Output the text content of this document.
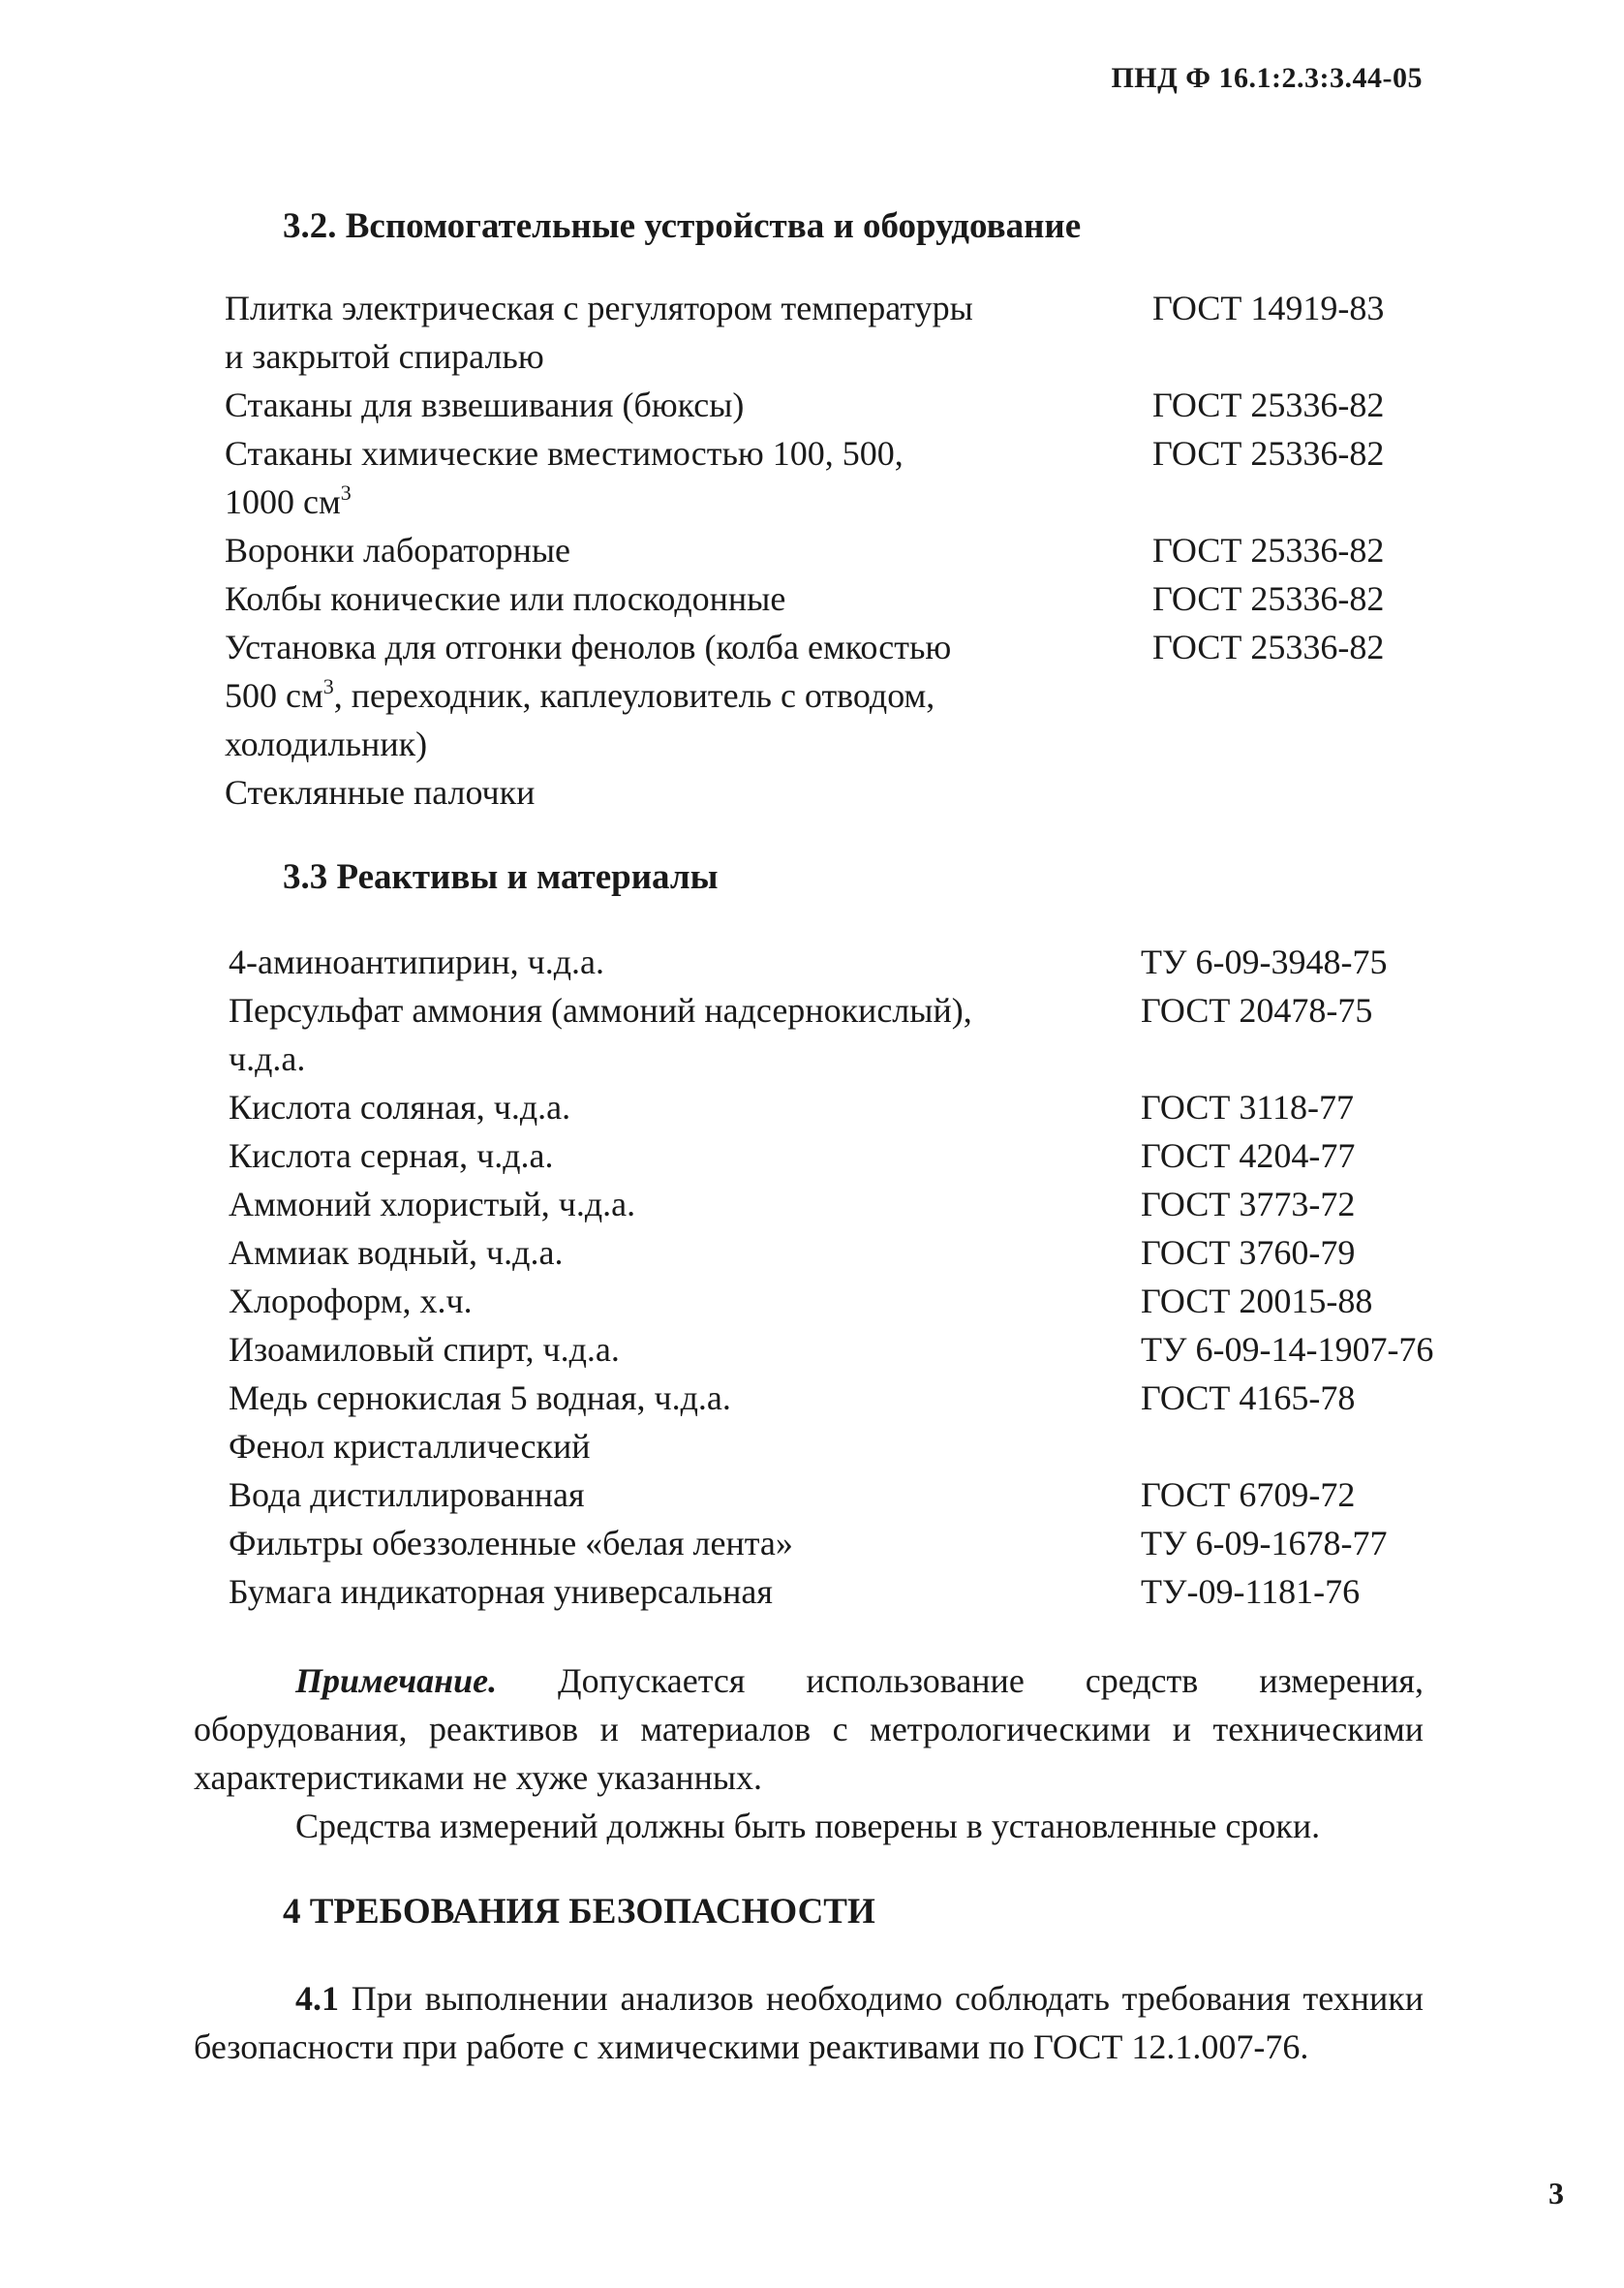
ПНД Ф 16.1:2.3:3.44-05
3.2. Вспомогательные устройства и оборудование
Плитка электрическая с регулятором температуры	ГОСТ 14919-83
и закрытой спиралью
Стаканы для взвешивания (бюксы)	ГОСТ 25336-82
Стаканы химические вместимостью 100, 500,	ГОСТ 25336-82
1000 $см^3$
Воронки лабораторные	ГОСТ 25336-82
Колбы конические или плоскодонные	ГОСТ 25336-82
Установка для отгонки фенолов (колба емкостью	ГОСТ 25336-82
500 $см^3$, переходник, каплеуловитель с отводом,
холодильник)
Стеклянные палочки
3.3 Реактивы и материалы
4-аминоантипирин, ч.д.а.	ТУ 6-09-3948-75
Персульфат аммония (аммоний надсернокислый),	ГОСТ 20478-75
ч.д.а.
Кислота соляная, ч.д.а.	ГОСТ 3118-77
Кислота серная, ч.д.а.	ГОСТ 4204-77
Аммоний хлористый, ч.д.а.	ГОСТ 3773-72
Аммиак водный, ч.д.а.	ГОСТ 3760-79
Хлороформ, х.ч.	ГОСТ 20015-88
Изоамиловый спирт, ч.д.а.	ТУ 6-09-14-1907-76
Медь сернокислая 5 водная, ч.д.а.	ГОСТ 4165-78
Фенол кристаллический
Вода дистиллированная	ГОСТ 6709-72
Фильтры обеззоленные «белая лента»	ТУ 6-09-1678-77
Бумага индикаторная универсальная	ТУ-09-1181-76

Примечание. Допускается использование средств измерения, оборудования, реактивов и материалов с метрологическими и техническими характеристиками не хуже указанных.

Средства измерений должны быть поверены в установленные сроки.

4 ТРЕБОВАНИЯ БЕЗОПАСНОСТИ

4.1 При выполнении анализов необходимо соблюдать требования техники безопасности при работе с химическими реактивами по ГОСТ 12.1.007-76.

3
